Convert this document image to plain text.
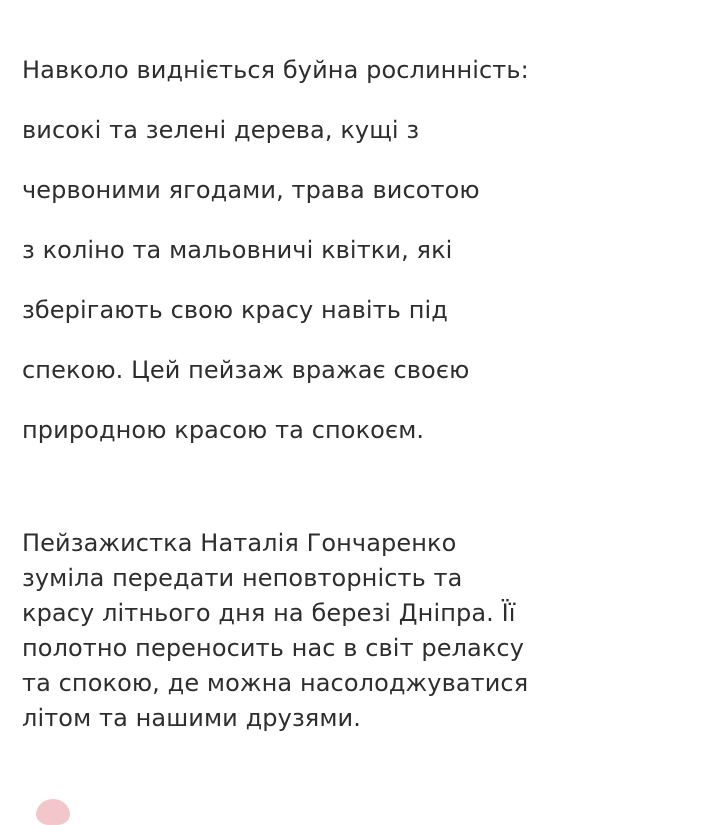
Навколо видніється буйна рослинність:

високі та зелені дерева, кущі з

червоними ягодами, трава висотою

з коліно та мальовничі квітки, які

зберігають свою красу навіть під

спекою. Цей пейзаж вражає своєю

природною красою та спокоєм.

Пейзажистка Наталія Гончаренко

зуміла передати неповторність та

красу літнього дня на березі Дніпра. Її

полотно переносить нас в світ релаксу

та спокою, де можна насолоджуватися

літом та нашими друзями.
